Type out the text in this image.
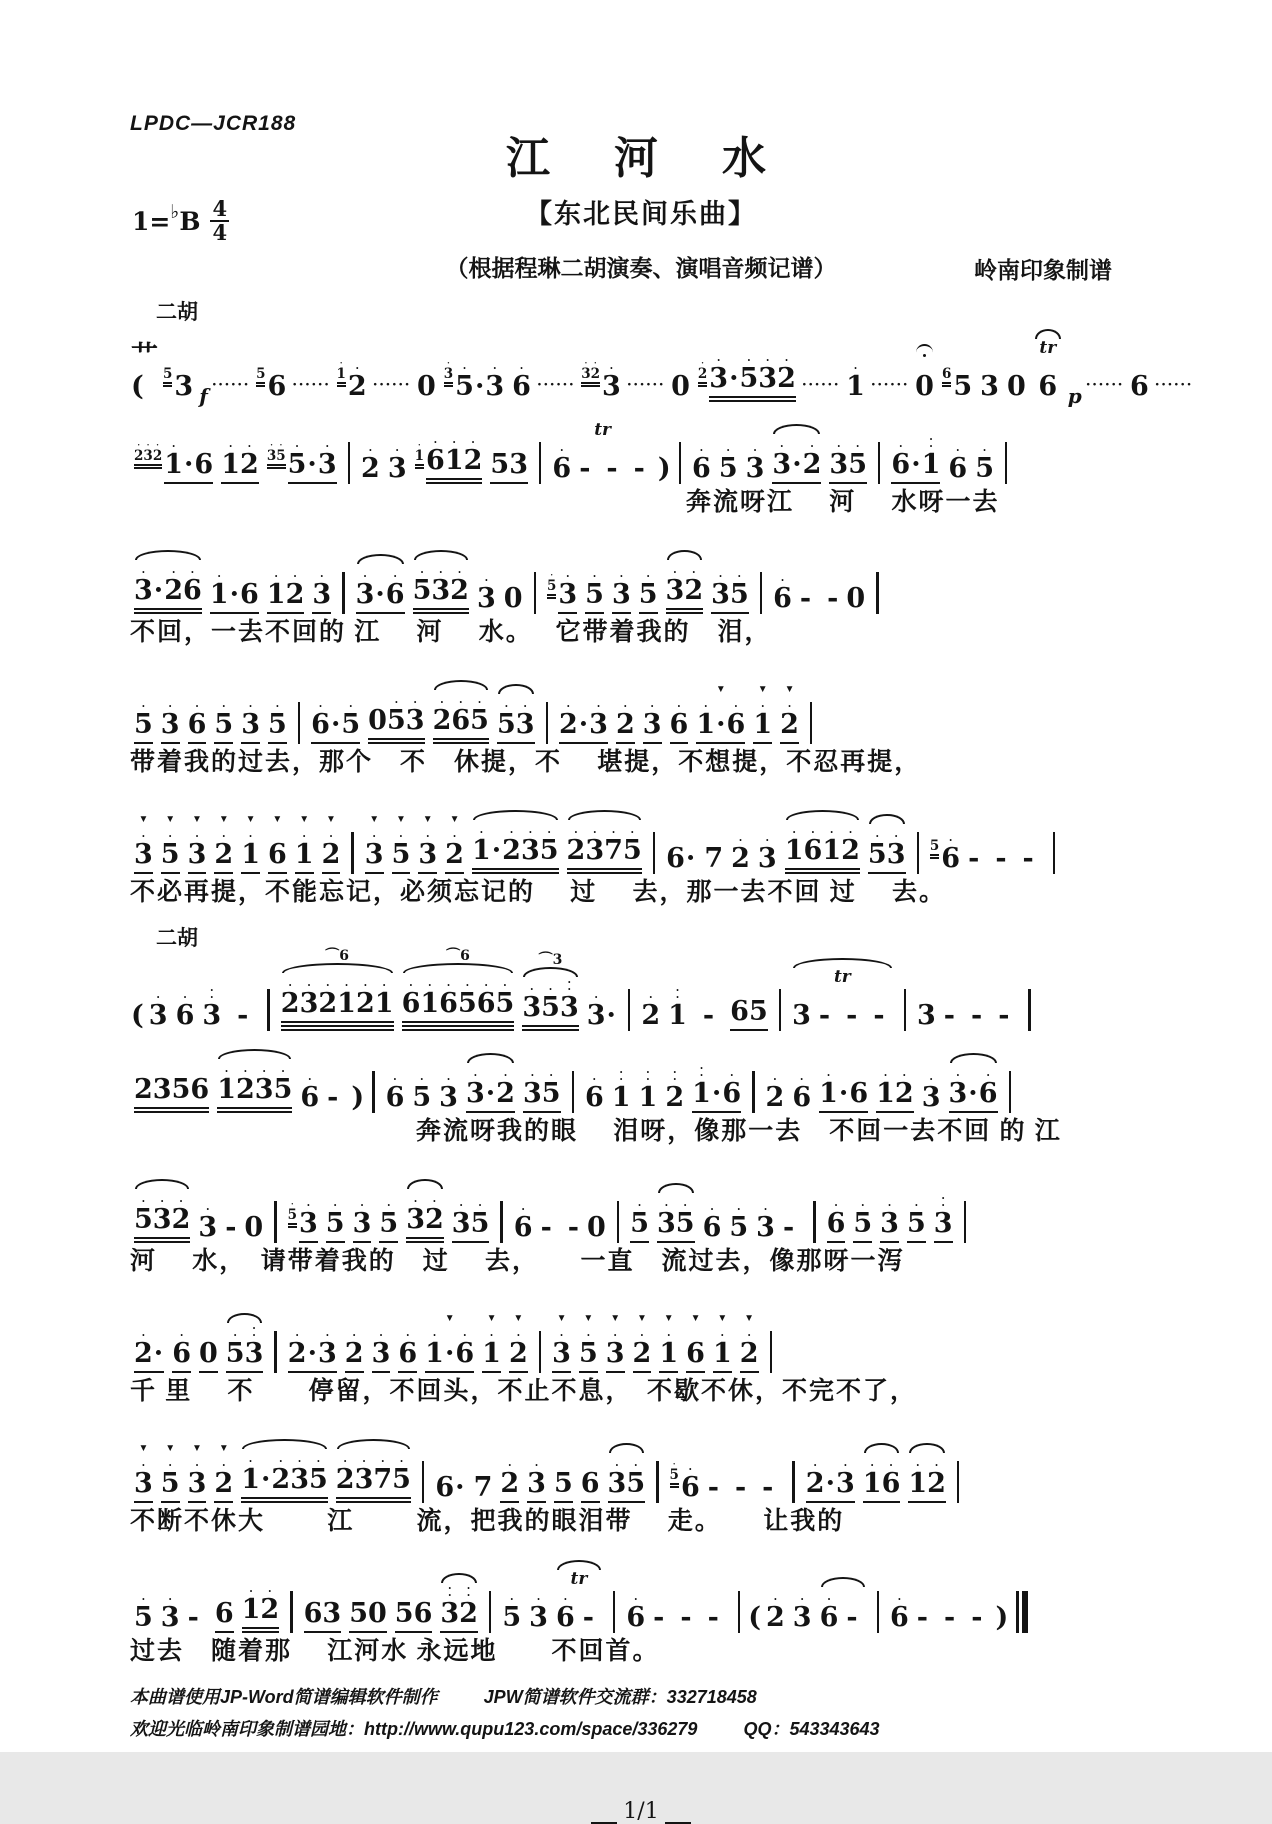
LPDC—JCR188
江　河　水
1= ♭ B $\frac{4}{4}$	【东北民间乐曲】
（根据程琳二胡演奏、演唱音频记谱）	岭南印象制谱
二胡
艹(	5 3 f ······
5 6 ······
•
1 •
2 ······ 0
•
3 •
5 ·
•
3
•
6 ······
•
3
•
2 •
3 ······ 0
•
2
•
3 ·
•
5
•
3
•
2 ······
•
1 ······ 0 6 5 3 0
tr
6 p ······ 6 ······
•
2
•
3
•
2
•
1 · 6
•
1
•
2
•
3
•
5
•
5 ·
•
3	•
2
•
3
•
1
•
6
•
1
•
2 5 3
tr
•
6 - - - )
•
6
•
5
•
3
•
3 ·
•
2
•
3
•
5
•
6 ·
•
•
1 •
6
•
5
奔流呀江　 河　 水呀一去
•
3 ·
•
2
•
6 •
1 · 6
•
1
•
2
•
3
•
3 ·
•
6
•
5
•
3
•
2 •
3 0
•
5
•
3
•
5
•
3
•
5
•
3
•
2 •
3
•
5	•
6 - - 0
不回，一去不回的 江　 河　 水。　 它带着我的　泪，
•
5
•
3
•
6
•
5
•
3
•
5
•
6 ·
•
5 0
•
5
•
3
•
2
•
6
•
5 •
5
•
3
•
2 ·
•
3
•
2
•
3
•
6
▼
•
1 ·
•
6
▼
•
1
▼
•
2
带着我的过去，那个　不　休提，不　 堪提，不想提，不忍再提，
▼
•
3
▼
•
5
▼
•
3
▼
•
2
▼
•
1
▼
6
▼
•
1
▼
•
2
▼
•
3
▼
•
5
▼
•
3
▼
•
2
•
1 ·
•
2
•
3
•
5
•
2
•
3
•
7
•
5 6 · 7
•
2
•
3
•
1
•
6
•
1
•
2 •
5
•
3 5 •
6 - - -
不必再提，不能忘记，必须忘记的　 过　 去，那一去不回 过　 去。
二胡
(
•
3
•
6
•
•
3 -
⌒6
•
2
•
3
•
2
•
1
•
2
•
1
⌒6
•
6
•
1
•
6
•
5
•
6
•
5
⌒3
•
3
•
5
•
•
3 •
3 ·
•
2
•
•
1 - 6 5
tr
3 - - - 3 - - -
2 3 5 6
•
1
•
2
•
3
•
5 •
6 - )
•
6
•
5
•
3
•
3 ·
•
2
•
3
•
5	•
6
•
•
1
•
•
1
•
•
2
•
•
1 ·
•
6	•
2
•
6
•
1 · 6
•
1
•
2 •
3
•
3 ·
•
6
奔流呀我的眼　 泪呀，像那一去　不回一去不回 的 江
•
5
•
3
•
2 •
3 - 0
•
5
•
3
•
5
•
3
•
5
•
3
•
2 •
3
•
5	•
6 - - 0
•
5
•
3
•
5 •
6
•
5
•
3 -
•
6
•
5
•
3
•
5
•
•
3
河　 水，　请带着我的　过　 去，　　一直　流过去，像那呀一泻
•
2 ·
•
6 0
•
5
•
•
3
•
2 ·
•
3
•
2
•
3
•
6
▼
•
1 ·
•
6
▼
•
1
▼
•
2
▼
•
3
▼
•
5
▼
•
3
▼
•
2
▼
•
1
▼
6
▼
•
1
▼
•
2
千 里　 不　　停留，不回头，不止不息，　不歇不休，不完不了，
▼
•
3
▼
•
5
▼
•
3
▼
•
2
•
1 ·
•
2
•
3
•
5
•
2
•
3
•
7
•
5 6 · 7
•
2
•
3 5 6
•
3
•
5
•
5 •
6 - - -
•
2 ·
•
3
•
1
•
6
•
1
•
2
不断不休大　　 江　　 流，把我的眼泪带　 走。　　让我的
•
5
•
3 - 6
•
1
•
2 6 3 5 0 5 6
•
•
3
•
•
2	•
5
•
3
tr
•
6 -
•
6 - - - (
•
2
•
3
•
6 -
•
6 - - - )
过去　随着那　 江河水 永远地　　不回首。
本曲谱使用JP-Word简谱编辑软件制作	JPW简谱软件交流群：332718458
欢迎光临岭南印象制谱园地：http://www.qupu123.com/space/336279	QQ：543343643
1/1
